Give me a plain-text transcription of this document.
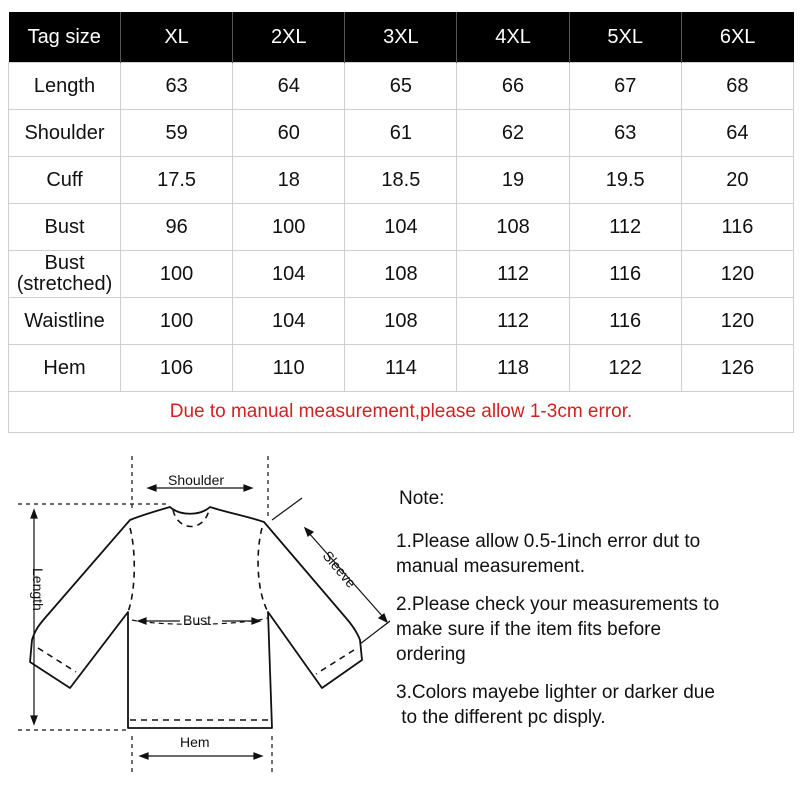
Tag size	XL	2XL	3XL	4XL	5XL	6XL
Length	63	64	65	66	67	68
Shoulder	59	60	61	62	63	64
Cuff	17.5	18	18.5	19	19.5	20
Bust	96	100	104	108	112	116
Bust
(stretched)	100	104	108	112	116	120
Waistline	100	104	108	112	116	120
Hem	106	110	114	118	122	126
Due to manual measurement,please allow 1-3cm error.						
Shoulder
Sleeve
Length
Bust
Hem
Note:
1.Please allow 0.5-1inch error dut to
manual measurement.
2.Please check your measurements to
make sure if the item fits before
ordering
3.Colors mayebe lighter or darker due
to the different pc disply.
